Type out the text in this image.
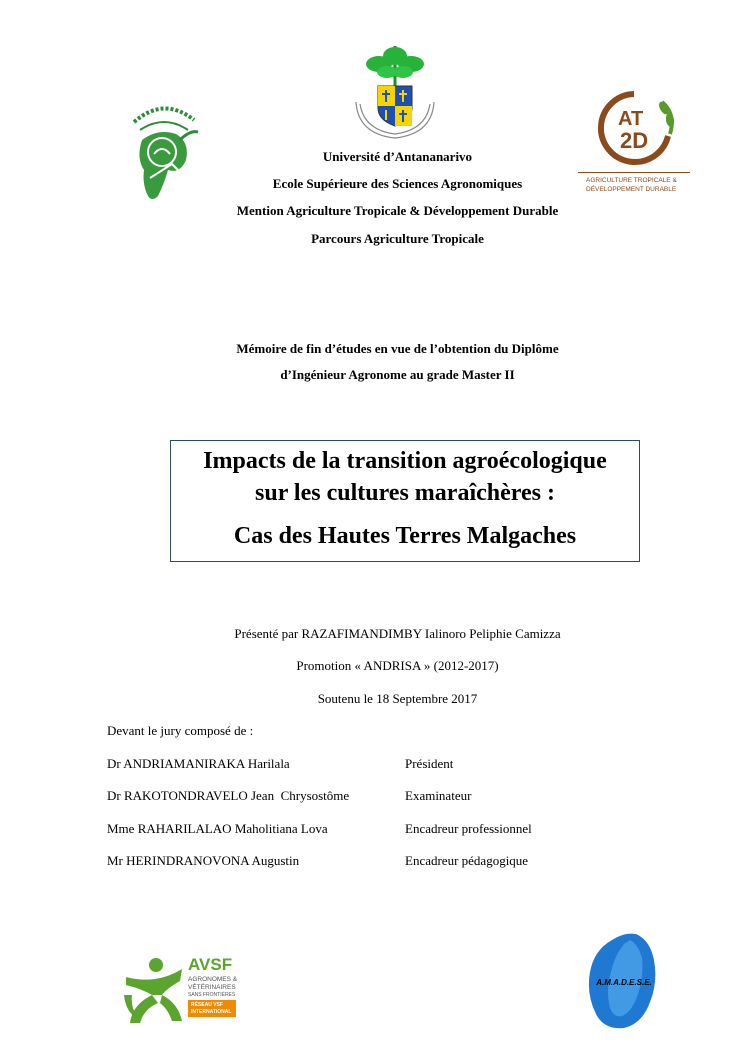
AT
2D
AGRICULTURE TROPICALE &
DÉVELOPPEMENT DURABLE
Université d’Antananarivo
Ecole Supérieure des Sciences Agronomiques
Mention Agriculture Tropicale & Développement Durable
Parcours Agriculture Tropicale
Mémoire de fin d’études en vue de l’obtention du Diplôme
d’Ingénieur Agronome au grade Master II
Impacts de la transition agroécologique
sur les cultures maraîchères :
Cas des Hautes Terres Malgaches
Présenté par RAZAFIMANDIMBY Ialinoro Peliphie Camizza
Promotion « ANDRISA » (2012-2017)
Soutenu le 18 Septembre 2017
Devant le jury composé de :
Dr ANDRIAMANIRAKA Harilala	Président
Dr RAKOTONDRAVELO Jean  Chrysostôme	Examinateur
Mme RAHARILALAO Maholitiana Lova	Encadreur professionnel
Mr HERINDRANOVONA Augustin	Encadreur pédagogique
AVSF
AGRONOMES &
VÉTÉRINAIRES
SANS FRONTIÈRES
RÉSEAU VSF
INTERNATIONAL
A.M.A.D.E.S.E.
